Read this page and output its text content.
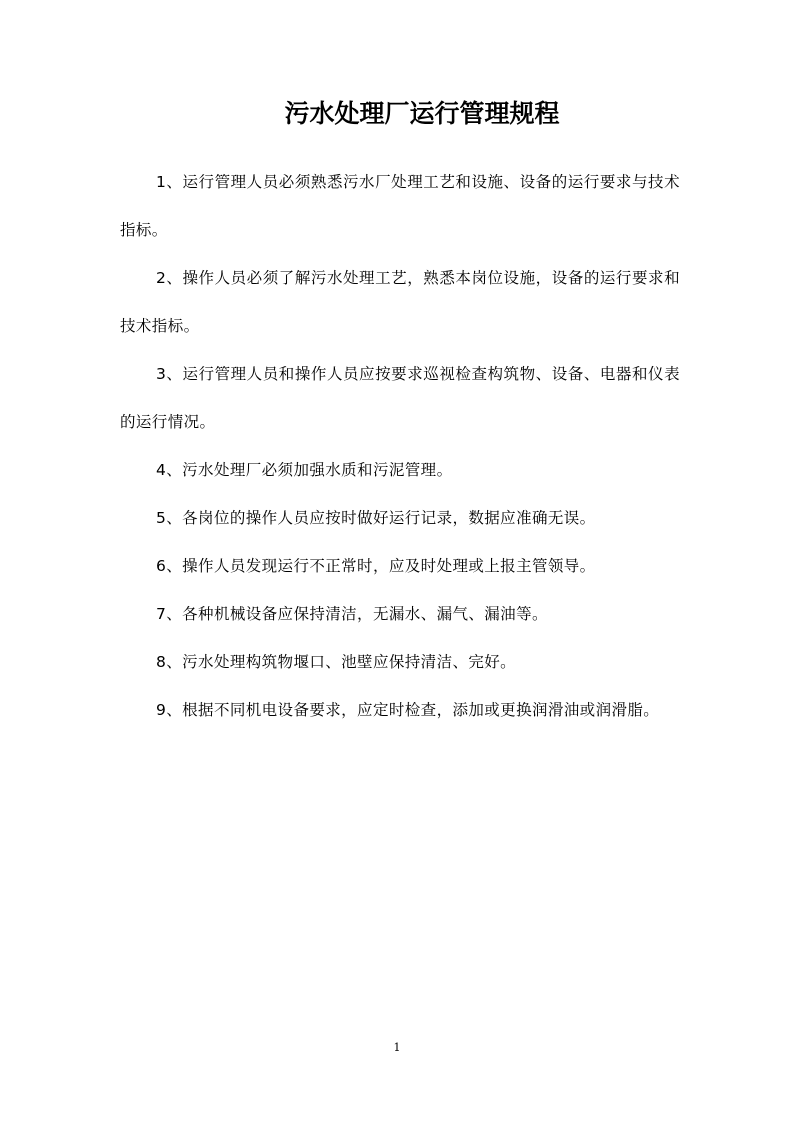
污水处理厂运行管理规程

1、运行管理人员必须熟悉污水厂处理工艺和设施、设备的运行要求与技术指标。

2、操作人员必须了解污水处理工艺，熟悉本岗位设施，设备的运行要求和技术指标。

3、运行管理人员和操作人员应按要求巡视检查构筑物、设备、电器和仪表的运行情况。

4、污水处理厂必须加强水质和污泥管理。

5、各岗位的操作人员应按时做好运行记录，数据应准确无误。

6、操作人员发现运行不正常时，应及时处理或上报主管领导。

7、各种机械设备应保持清洁，无漏水、漏气、漏油等。

8、污水处理构筑物堰口、池壁应保持清洁、完好。

9、根据不同机电设备要求，应定时检查，添加或更换润滑油或润滑脂。

1
